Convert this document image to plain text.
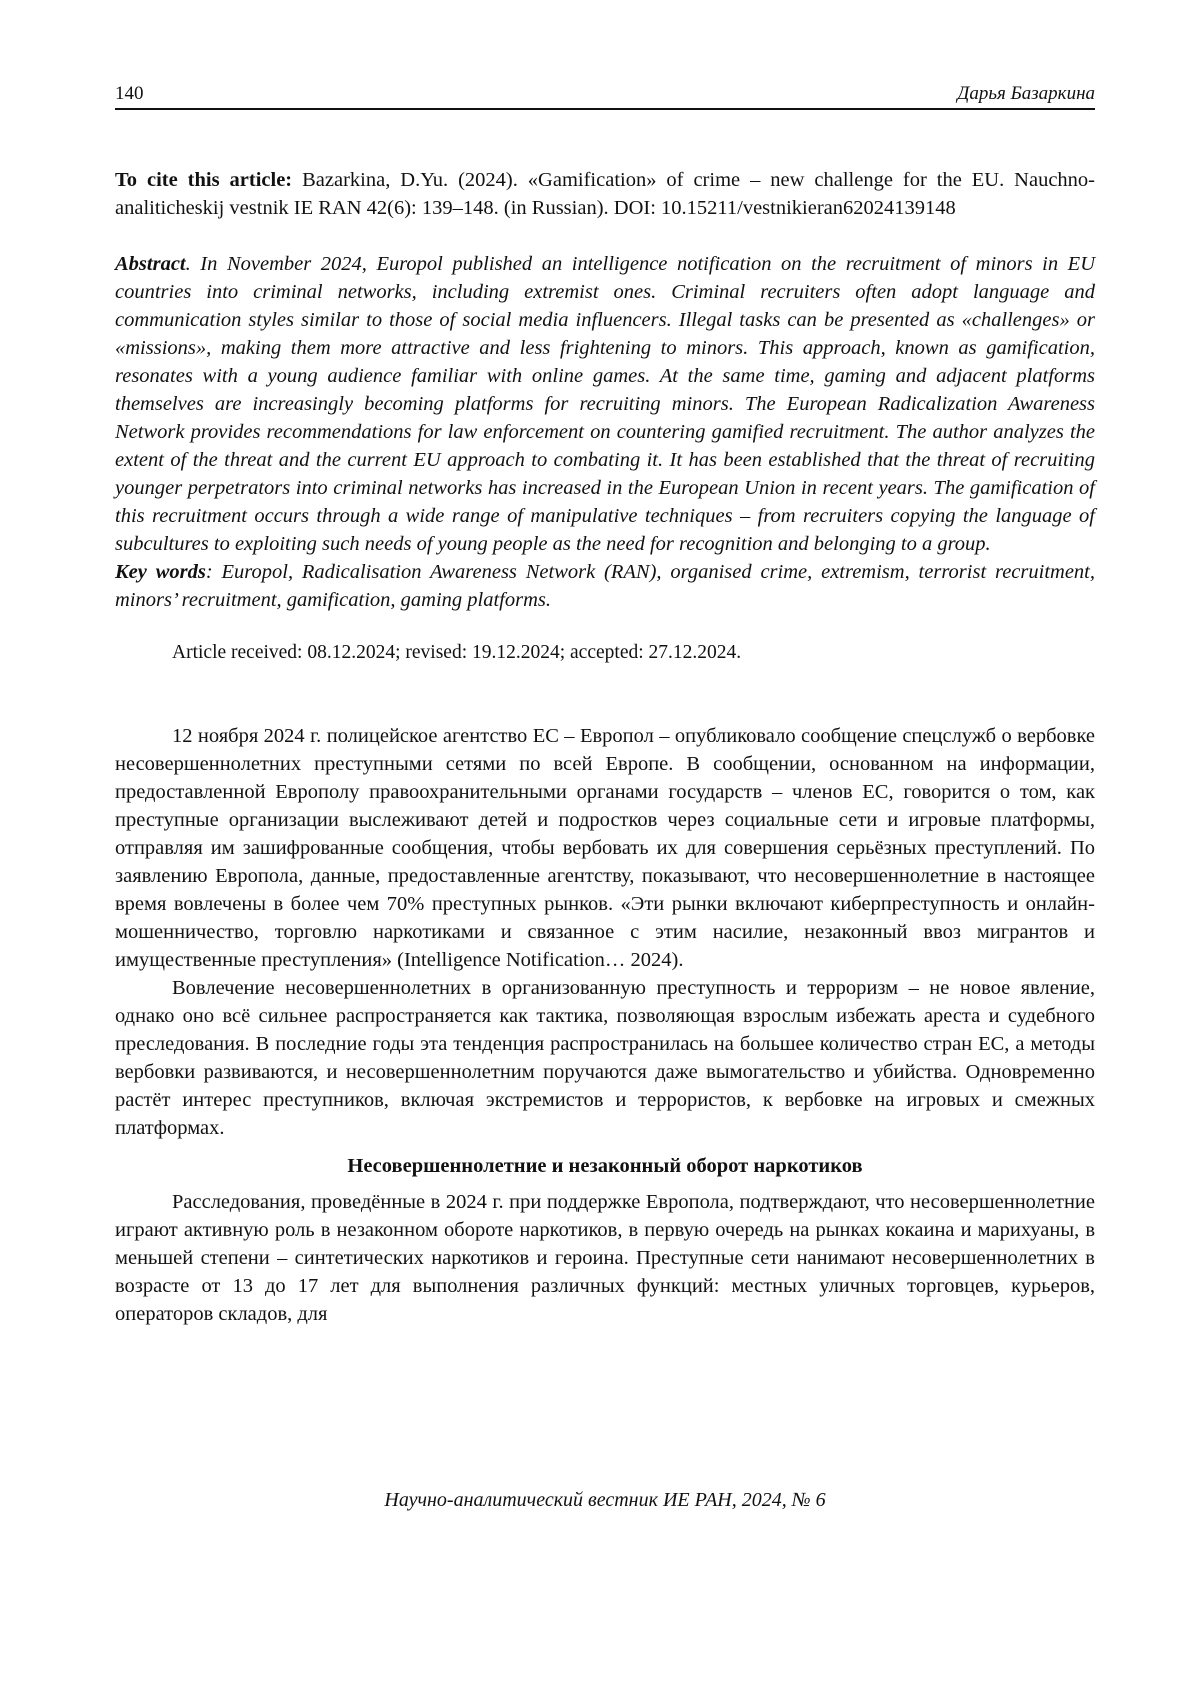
140	Дарья Базаркина
To cite this article: Bazarkina, D.Yu. (2024). «Gamification» of crime – new challenge for the EU. Nauchno-analiticheskij vestnik IE RAN 42(6): 139–148. (in Russian). DOI: 10.15211/vestnikieran62024139148
Abstract. In November 2024, Europol published an intelligence notification on the recruitment of minors in EU countries into criminal networks, including extremist ones. Criminal recruiters often adopt language and communication styles similar to those of social media influencers. Illegal tasks can be presented as «challenges» or «missions», making them more attractive and less frightening to minors. This approach, known as gamification, resonates with a young audience familiar with online games. At the same time, gaming and adjacent platforms themselves are increasingly becoming platforms for recruiting minors. The European Radicalization Awareness Network provides recommendations for law enforcement on countering gamified recruitment. The author analyzes the extent of the threat and the current EU approach to combating it. It has been established that the threat of recruiting younger perpetrators into criminal networks has increased in the European Union in recent years. The gamification of this recruitment occurs through a wide range of manipulative techniques – from recruiters copying the language of subcultures to exploiting such needs of young people as the need for recognition and belonging to a group.

Key words: Europol, Radicalisation Awareness Network (RAN), organised crime, extremism, terrorist recruitment, minors’ recruitment, gamification, gaming platforms.

Article received: 08.12.2024; revised: 19.12.2024; accepted: 27.12.2024.

12 ноября 2024 г. полицейское агентство ЕС – Европол – опубликовало сообщение спецслужб о вербовке несовершеннолетних преступными сетями по всей Европе. В сообщении, основанном на информации, предоставленной Европолу правоохранительными органами государств – членов ЕС, говорится о том, как преступные организации выслеживают детей и подростков через социальные сети и игровые платформы, отправляя им зашифрованные сообщения, чтобы вербовать их для совершения серьёзных преступлений. По заявлению Европола, данные, предоставленные агентству, показывают, что несовершеннолетние в настоящее время вовлечены в более чем 70% преступных рынков. «Эти рынки включают киберпреступность и онлайн-мошенничество, торговлю наркотиками и связанное с этим насилие, незаконный ввоз мигрантов и имущественные преступления» (Intelligence Notification… 2024).

Вовлечение несовершеннолетних в организованную преступность и терроризм – не новое явление, однако оно всё сильнее распространяется как тактика, позволяющая взрослым избежать ареста и судебного преследования. В последние годы эта тенденция распространилась на большее количество стран ЕС, а методы вербовки развиваются, и несовершеннолетним поручаются даже вымогательство и убийства. Одновременно растёт интерес преступников, включая экстремистов и террористов, к вербовке на игровых и смежных платформах.

Несовершеннолетние и незаконный оборот наркотиков

Расследования, проведённые в 2024 г. при поддержке Европола, подтверждают, что несовершеннолетние играют активную роль в незаконном обороте наркотиков, в первую очередь на рынках кокаина и марихуаны, в меньшей степени – синтетических наркотиков и героина. Преступные сети нанимают несовершеннолетних в возрасте от 13 до 17 лет для выполнения различных функций: местных уличных торговцев, курьеров, операторов складов, для

Научно-аналитический вестник ИЕ РАН, 2024, № 6
